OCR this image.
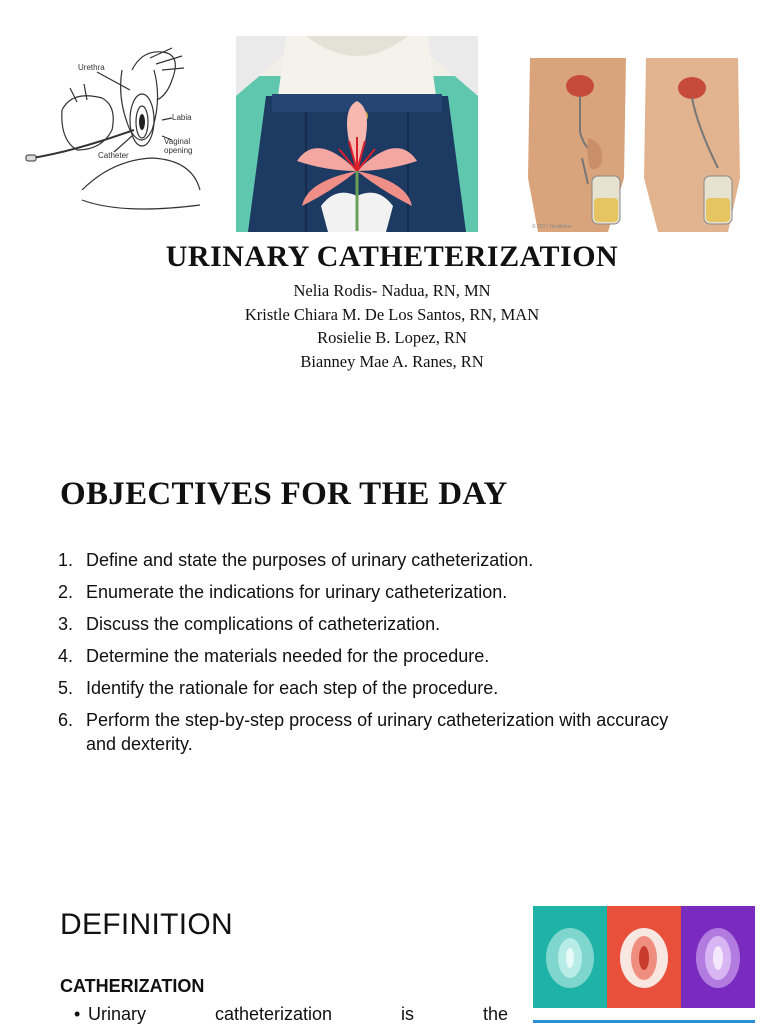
Urethra
Labia
Vaginal opening
Catheter
© 2017 Healthline
URINARY CATHETERIZATION
Nelia Rodis- Nadua, RN, MN
Kristle Chiara M. De Los Santos, RN, MAN
Rosielie B. Lopez, RN
Bianney Mae A. Ranes, RN
OBJECTIVES FOR THE DAY
1. Define and state the purposes of urinary catheterization.
2. Enumerate the indications for urinary catheterization.
3. Discuss the complications of catheterization.
4. Determine the materials needed for the procedure.
5. Identify the rationale for each step of the procedure.
6. Perform the step-by-step process of urinary catheterization with accuracy and dexterity.
DEFINITION
CATHERIZATION
• Urinary	catheterization	is	the
